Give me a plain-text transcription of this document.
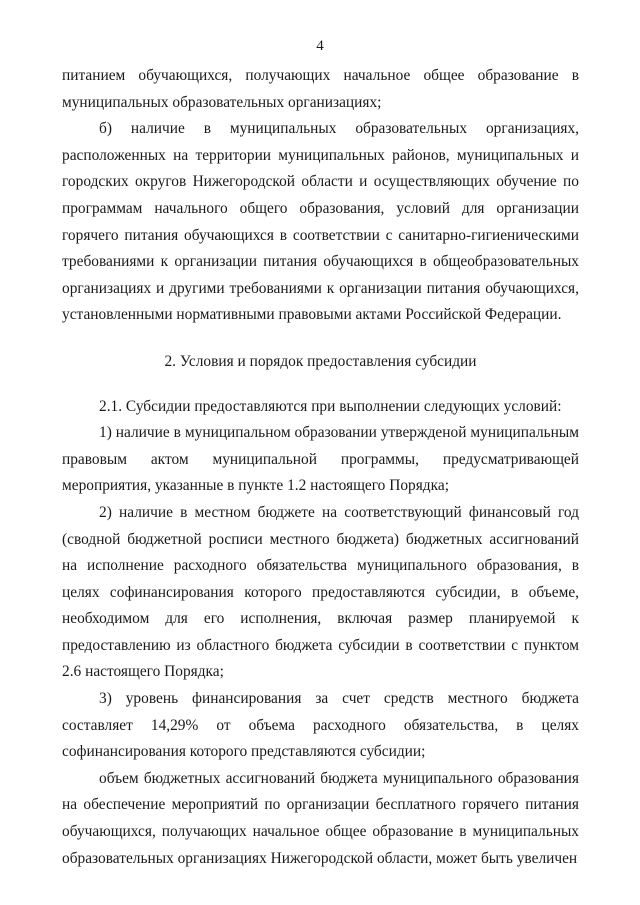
4

питанием обучающихся, получающих начальное общее образование в муниципальных образовательных организациях;

б) наличие в муниципальных образовательных организациях, расположенных на территории муниципальных районов, муниципальных и городских округов Нижегородской области и осуществляющих обучение по программам начального общего образования, условий для организации горячего питания обучающихся в соответствии с санитарно-гигиеническими требованиями к организации питания обучающихся в общеобразовательных организациях и другими требованиями к организации питания обучающихся, установленными нормативными правовыми актами Российской Федерации.

2. Условия и порядок предоставления субсидии

2.1. Субсидии предоставляются при выполнении следующих условий:

1) наличие в муниципальном образовании утвержденой муниципальным правовым актом муниципальной программы, предусматривающей мероприятия, указанные в пункте 1.2 настоящего Порядка;

2) наличие в местном бюджете на соответствующий финансовый год (сводной бюджетной росписи местного бюджета) бюджетных ассигнований на исполнение расходного обязательства муниципального образования, в целях софинансирования которого предоставляются субсидии, в объеме, необходимом для его исполнения, включая размер планируемой к предоставлению из областного бюджета субсидии в соответствии с пунктом 2.6 настоящего Порядка;

3) уровень финансирования за счет средств местного бюджета составляет 14,29% от объема расходного обязательства, в целях софинансирования которого представляются субсидии;

объем бюджетных ассигнований бюджета муниципального образования на обеспечение мероприятий по организации бесплатного горячего питания обучающихся, получающих начальное общее образование в муниципальных образовательных организациях Нижегородской области, может быть увеличен
